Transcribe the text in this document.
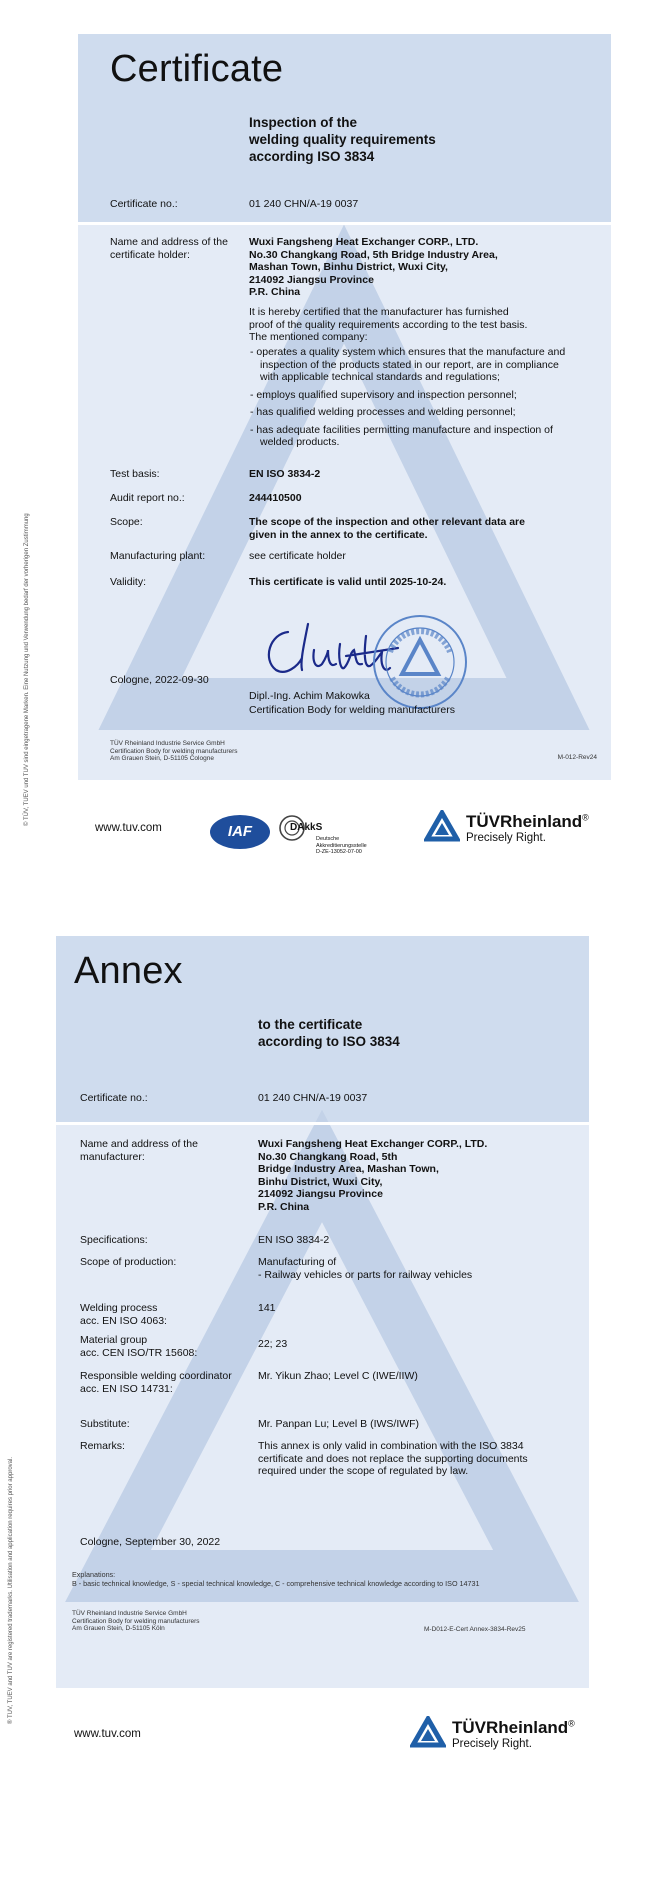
© TÜV, TUEV und TUV sind eingetragene Marken. Eine Nutzung und Verwendung bedarf der vorherigen Zustimmung
® TUV, TUEV and TUV are registered trademarks. Utilisation and application requires prior approval.
Certificate
Inspection of the
welding quality requirements
according ISO 3834
Certificate no.:	01 240 CHN/A-19 0037
Name and address of the
certificate holder:
Wuxi Fangsheng Heat Exchanger CORP., LTD.
No.30 Changkang Road, 5th Bridge Industry Area,
Mashan Town, Binhu District, Wuxi City,
214092 Jiangsu Province
P.R. China
It is hereby certified that the manufacturer has furnished
proof of the quality requirements according to the test basis.
The mentioned company:
- operates a quality system which ensures that the manufacture and inspection of the products stated in our report, are in compliance with applicable technical standards and regulations;
- employs qualified supervisory and inspection personnel;
- has qualified welding processes and welding personnel;
- has adequate facilities permitting manufacture and inspection of welded products.
Test basis:	EN ISO 3834-2
Audit report no.:	244410500
Scope:	The scope of the inspection and other relevant data are
given in the annex to the certificate.
Manufacturing plant:	see certificate holder
Validity:	This certificate is valid until 2025-10-24.
Cologne, 2022-09-30
Dipl.-Ing. Achim Makowka
Certification Body for welding manufacturers
TÜV Rheinland Industrie Service GmbH
Certification Body for welding manufacturers
Am Grauen Stein, D-51105 Cologne	M-012-Rev24
www.tuv.com	IAF	DAkkS
Deutsche
Akkreditierungsstelle
D-ZE-13052-07-00
TÜVRheinland®
Precisely Right.
Annex
to the certificate
according to ISO 3834
Certificate no.:	01 240 CHN/A-19 0037
Name and address of the
manufacturer:
Wuxi Fangsheng Heat Exchanger CORP., LTD.
No.30 Changkang Road, 5th
Bridge Industry Area, Mashan Town,
Binhu District, Wuxi City,
214092 Jiangsu Province
P.R. China
Specifications:	EN ISO 3834-2
Scope of production:	Manufacturing of
- Railway vehicles or parts for railway vehicles
Welding process
acc. EN ISO 4063:
141
Material group
acc. CEN ISO/TR 15608:
22; 23
Responsible welding coordinator
acc. EN ISO 14731:
Mr. Yikun Zhao; Level C (IWE/IIW)
Substitute:	Mr. Panpan Lu; Level B (IWS/IWF)
Remarks:	This annex is only valid in combination with the ISO 3834
certificate and does not replace the supporting documents
required under the scope of regulated by law.
Cologne, September 30, 2022
Explanations:
B - basic technical knowledge, S - special technical knowledge, C - comprehensive technical knowledge according to ISO 14731
TÜV Rheinland Industrie Service GmbH
Certification Body for welding manufacturers
Am Grauen Stein, D-51105 Köln	M-D012-E-Cert Annex-3834-Rev25
www.tuv.com	TÜVRheinland®
Precisely Right.
